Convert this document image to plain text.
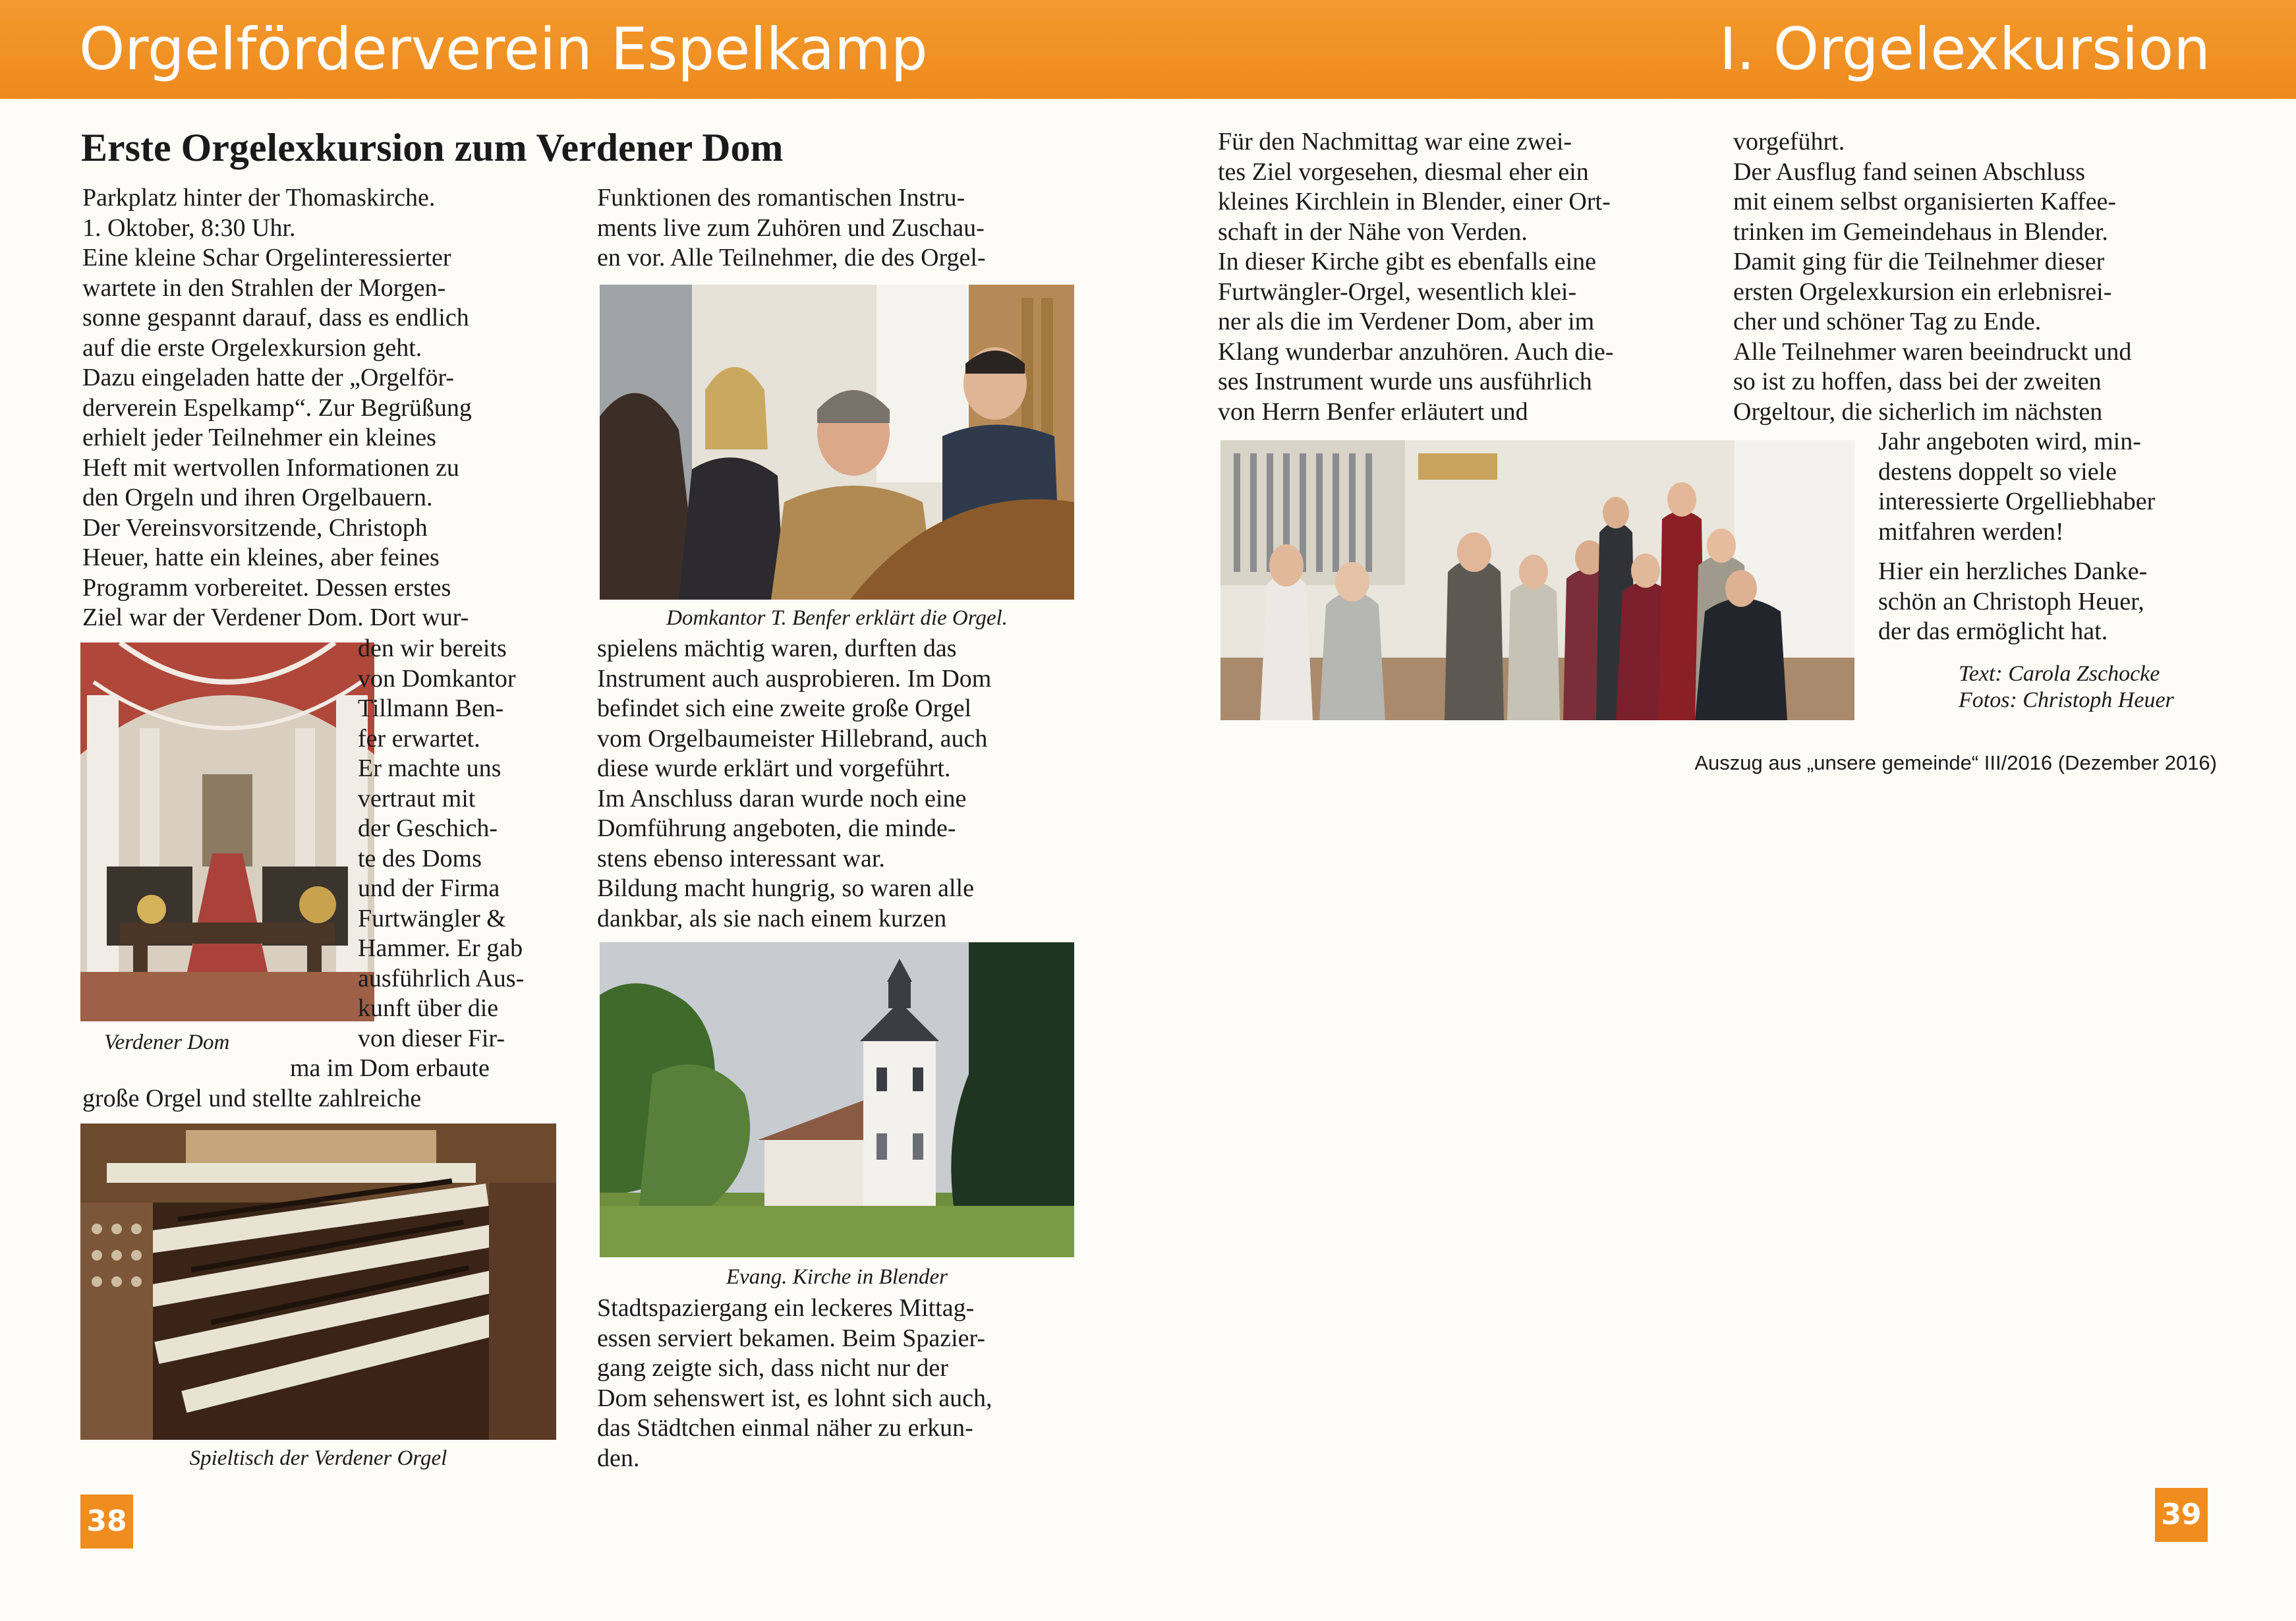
Orgelförderverein Espelkamp	I. Orgelexkursion
Erste Orgelexkursion zum Verdener Dom

Parkplatz hinter der Thomaskirche.

1. Oktober, 8:30 Uhr.

Eine kleine Schar Orgelinteressierter

wartete in den Strahlen der Morgen-

sonne gespannt darauf, dass es endlich

auf die erste Orgelexkursion geht.

Dazu eingeladen hatte der „Orgelför-

derverein Espelkamp“. Zur Begrüßung

erhielt jeder Teilnehmer ein kleines

Heft mit wertvollen Informationen zu

den Orgeln und ihren Orgelbauern.

Der Vereinsvorsitzende, Christoph

Heuer, hatte ein kleines, aber feines

Programm vorbereitet. Dessen erstes

Ziel war der Verdener Dom. Dort wur-

Verdener Dom

den wir bereits

von Domkantor

Tillmann Ben-

fer erwartet.

Er machte uns

vertraut mit

der Geschich-

te des Doms

und der Firma

Furtwängler &

Hammer. Er gab

ausführlich Aus-

kunft über die

von dieser Fir-

ma im Dom erbaute
große Orgel und stellte zahlreiche
Spieltisch der Verdener Orgel

Funktionen des romantischen Instru-

ments live zum Zuhören und Zuschau-

en vor. Alle Teilnehmer, die des Orgel-

Domkantor T. Benfer erklärt die Orgel.

spielens mächtig waren, durften das

Instrument auch ausprobieren. Im Dom

befindet sich eine zweite große Orgel

vom Orgelbaumeister Hillebrand, auch

diese wurde erklärt und vorgeführt.

Im Anschluss daran wurde noch eine

Domführung angeboten, die minde-

stens ebenso interessant war.

Bildung macht hungrig, so waren alle

dankbar, als sie nach einem kurzen

Evang. Kirche in Blender

Stadtspaziergang ein leckeres Mittag-

essen serviert bekamen. Beim Spazier-

gang zeigte sich, dass nicht nur der

Dom sehenswert ist, es lohnt sich auch,

das Städtchen einmal näher zu erkun-

den.

Für den Nachmittag war eine zwei-

tes Ziel vorgesehen, diesmal eher ein

kleines Kirchlein in Blender, einer Ort-

schaft in der Nähe von Verden.

In dieser Kirche gibt es ebenfalls eine

Furtwängler-Orgel, wesentlich klei-

ner als die im Verdener Dom, aber im

Klang wunderbar anzuhören. Auch die-

ses Instrument wurde uns ausführlich

von Herrn Benfer erläutert und

vorgeführt.

Der Ausflug fand seinen Abschluss

mit einem selbst organisierten Kaffee-

trinken im Gemeindehaus in Blender.

Damit ging für die Teilnehmer dieser

ersten Orgelexkursion ein erlebnisrei-

cher und schöner Tag zu Ende.

Alle Teilnehmer waren beeindruckt und

so ist zu hoffen, dass bei der zweiten

Orgeltour, die sicherlich im nächsten

Jahr angeboten wird, min-

destens doppelt so viele

interessierte Orgelliebhaber

mitfahren werden!

Hier ein herzliches Danke-

schön an Christoph Heuer,

der das ermöglicht hat.

Text: Carola Zschocke
Fotos: Christoph Heuer
Auszug aus „unsere gemeinde“ III/2016 (Dezember 2016)
38	39
